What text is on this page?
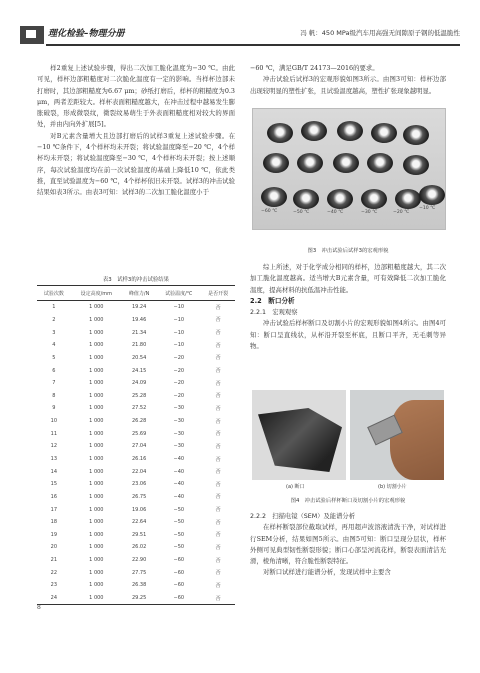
理化检验–物理分册	冯 帆：450 MPa级汽车用高强无间隙原子钢的低温脆性

样2重复上述试验步骤，得出二次加工脆化温度为−30 ℃。由此可见，样杯边部粗糙度对二次脆化温度有一定的影响。当样杯边部未打磨时，其边部粗糙度为6.67 μm；砂纸打磨后，样杯的粗糙度为0.3 μm，两者差距较大。样杯表面粗糙度越大，在冲击过程中越易发生膨胀破裂，形成微裂纹，微裂纹易萌生于外表面粗糙度相对较大的界面处，并由内向外扩展[5]。

对B元素含量增大且边部打磨后的试样3重复上述试验步骤。在−10 ℃条件下，4个样杯均未开裂；将试验温度降至−20 ℃，4个样杯均未开裂；将试验温度降至−30 ℃，4个样杯均未开裂；按上述顺序，每次试验温度均在前一次试验温度的基础上降低10 ℃，依此类推，直至试验温度为−60 ℃，4个样杯依旧未开裂。试样3的冲击试验结果如表3所示。由表3可知：试样3的二次加工脆化温度小于

表3　试样3的冲击试验结果
试验次数	设定高度/mm	峰值力/N	试验温度/℃	是否开裂
1	1 000	19.24	−10	否
2	1 000	19.46	−10	否
3	1 000	21.34	−10	否
4	1 000	21.80	−10	否
5	1 000	20.54	−20	否
6	1 000	24.15	−20	否
7	1 000	24.09	−20	否
8	1 000	25.28	−20	否
9	1 000	27.52	−30	否
10	1 000	26.28	−30	否
11	1 000	25.69	−30	否
12	1 000	27.04	−30	否
13	1 000	26.16	−40	否
14	1 000	22.04	−40	否
15	1 000	23.06	−40	否
16	1 000	26.75	−40	否
17	1 000	19.06	−50	否
18	1 000	22.64	−50	否
19	1 000	29.51	−50	否
20	1 000	26.02	−50	否
21	1 000	22.90	−60	否
22	1 000	27.75	−60	否
23	1 000	26.38	−60	否
24	1 000	29.25	−60	否

−60 ℃，满足GB/T 24173—2016的要求。

冲击试验后试样3的宏观形貌如图3所示。由图3可知：样杯边部出现较明显的塑性扩张，且试验温度越高，塑性扩张现象越明显。

−60 ℃	−50 ℃	−40 ℃	−30 ℃	−20 ℃
−10 ℃
图3　冲击试验后试样3的宏观形貌

综上所述，对于化学成分相同的样杯，边部粗糙度越大，其二次加工脆化温度越高。适当增大B元素含量，可有效降低二次加工脆化温度，提高材料的抗低温冲击性能。

2.2　断口分析

2.2.1　宏观观察

冲击试验后样杯断口及切割小片的宏观形貌如图4所示。由图4可知：断口呈直线状，从杯沿开裂至杯底，且断口平齐，无毛刺等异物。

(a) 断口	(b) 切割小片
图4　冲击试验后样杯断口及切割小片的宏观形貌

2.2.2　扫描电镜（SEM）及能谱分析

在样杯断裂部位截取试样，再用超声波溶液清洗干净，对试样进行SEM分析，结果如图5所示。由图5可知：断口呈现分层状，样杯外侧可见典型韧性断裂形貌；断口心部呈河流花样，断裂表面清洁光滑，棱角清晰，符合脆性断裂特征。

对断口试样进行能谱分析，发现试样中主要含

8
